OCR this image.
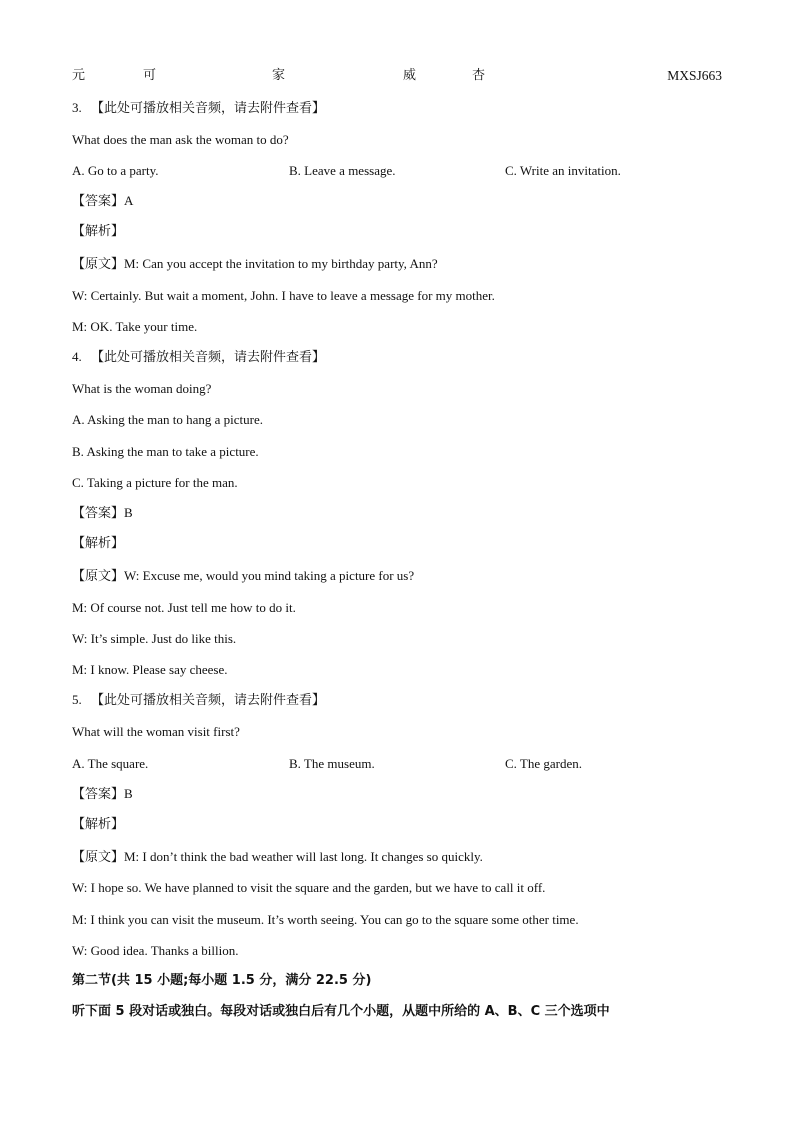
元	可	家	威	杏	MXSJ663
3. 【此处可播放相关音频，请去附件查看】
What does the man ask the woman to do?
A. Go to a party.	B. Leave a message.	C. Write an invitation.
【答案】A
【解析】
【原文】M: Can you accept the invitation to my birthday party, Ann?
W: Certainly. But wait a moment, John. I have to leave a message for my mother.
M: OK. Take your time.
4. 【此处可播放相关音频，请去附件查看】
What is the woman doing?
A. Asking the man to hang a picture.
B. Asking the man to take a picture.
C. Taking a picture for the man.
【答案】B
【解析】
【原文】W: Excuse me, would you mind taking a picture for us?
M: Of course not. Just tell me how to do it.
W: It’s simple. Just do like this.
M: I know. Please say cheese.
5. 【此处可播放相关音频，请去附件查看】
What will the woman visit first?
A. The square.	B. The museum.	C. The garden.
【答案】B
【解析】
【原文】M: I don’t think the bad weather will last long. It changes so quickly.
W: I hope so. We have planned to visit the square and the garden, but we have to call it off.
M: I think you can visit the museum. It’s worth seeing. You can go to the square some other time.
W: Good idea. Thanks a billion.
第二节(共 15 小题;每小题 1.5 分，满分 22.5 分)
听下面 5 段对话或独白。每段对话或独白后有几个小题，从题中所给的 A、B、C 三个选项中
